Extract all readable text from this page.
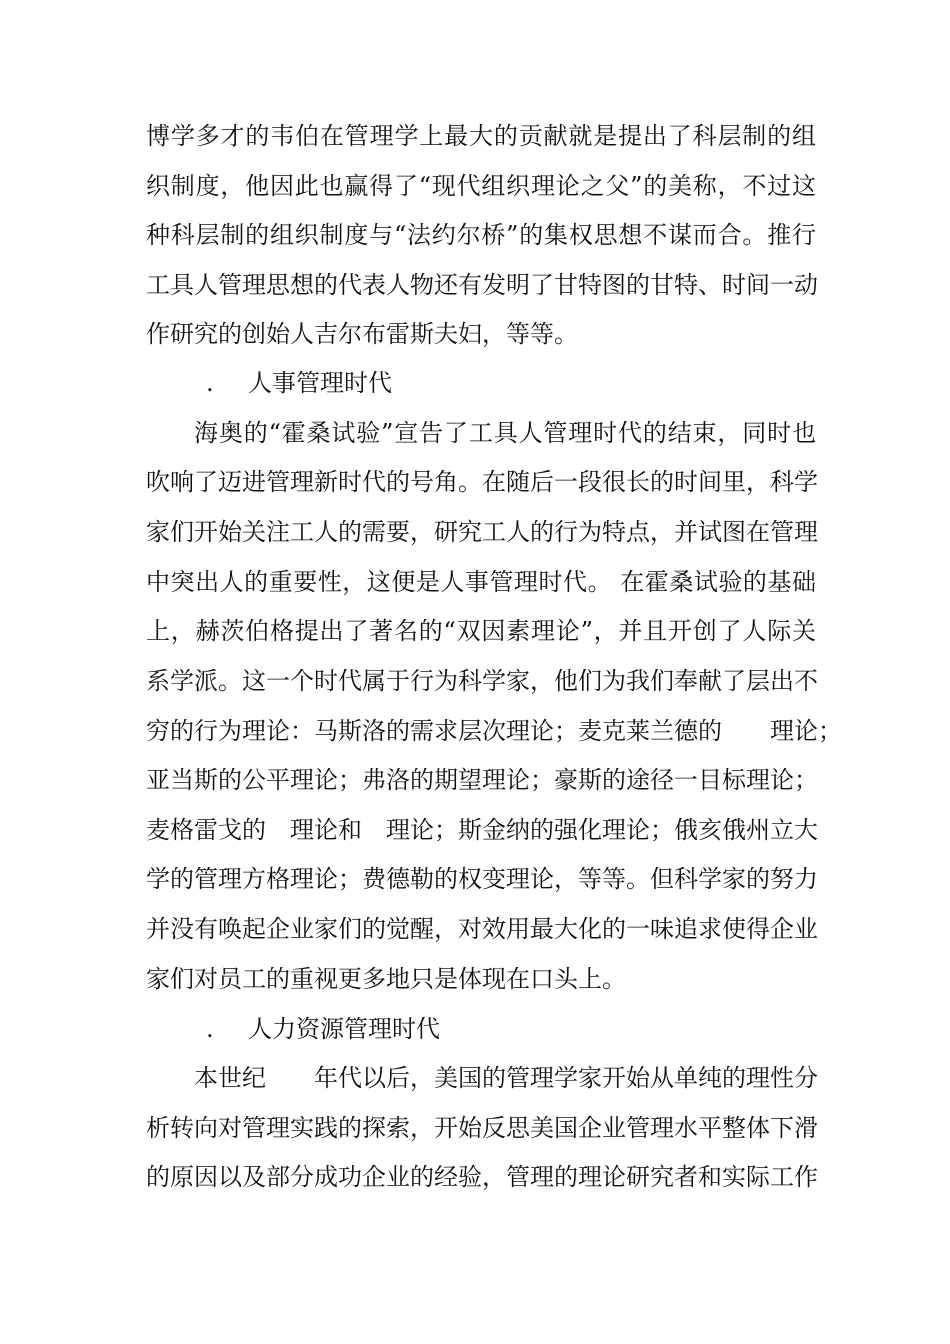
博学多才的韦伯在管理学上最大的贡献就是提出了科层制的组
织制度，他因此也赢得了“现代组织理论之父”的美称，不过这
种科层制的组织制度与“法约尔桥”的集权思想不谋而合。推行
工具人管理思想的代表人物还有发明了甘特图的甘特、时间一动
作研究的创始人吉尔布雷斯夫妇，等等。
. 人事管理时代
海奥的“霍桑试验”宣告了工具人管理时代的结束，同时也
吹响了迈进管理新时代的号角。在随后一段很长的时间里，科学
家们开始关注工人的需要，研究工人的行为特点，并试图在管理
中突出人的重要性，这便是人事管理时代。 在霍桑试验的基础
上，赫茨伯格提出了著名的“双因素理论”，并且开创了人际关
系学派。这一个时代属于行为科学家，他们为我们奉献了层出不
穷的行为理论：马斯洛的需求层次理论；麦克莱兰德的　　理论；
亚当斯的公平理论；弗洛的期望理论；豪斯的途径一目标理论；
麦格雷戈的　理论和　理论；斯金纳的强化理论；俄亥俄州立大
学的管理方格理论；费德勒的权变理论，等等。但科学家的努力
并没有唤起企业家们的觉醒，对效用最大化的一味追求使得企业
家们对员工的重视更多地只是体现在口头上。
. 人力资源管理时代
本世纪　　年代以后，美国的管理学家开始从单纯的理性分
析转向对管理实践的探索，开始反思美国企业管理水平整体下滑
的原因以及部分成功企业的经验，管理的理论研究者和实际工作
